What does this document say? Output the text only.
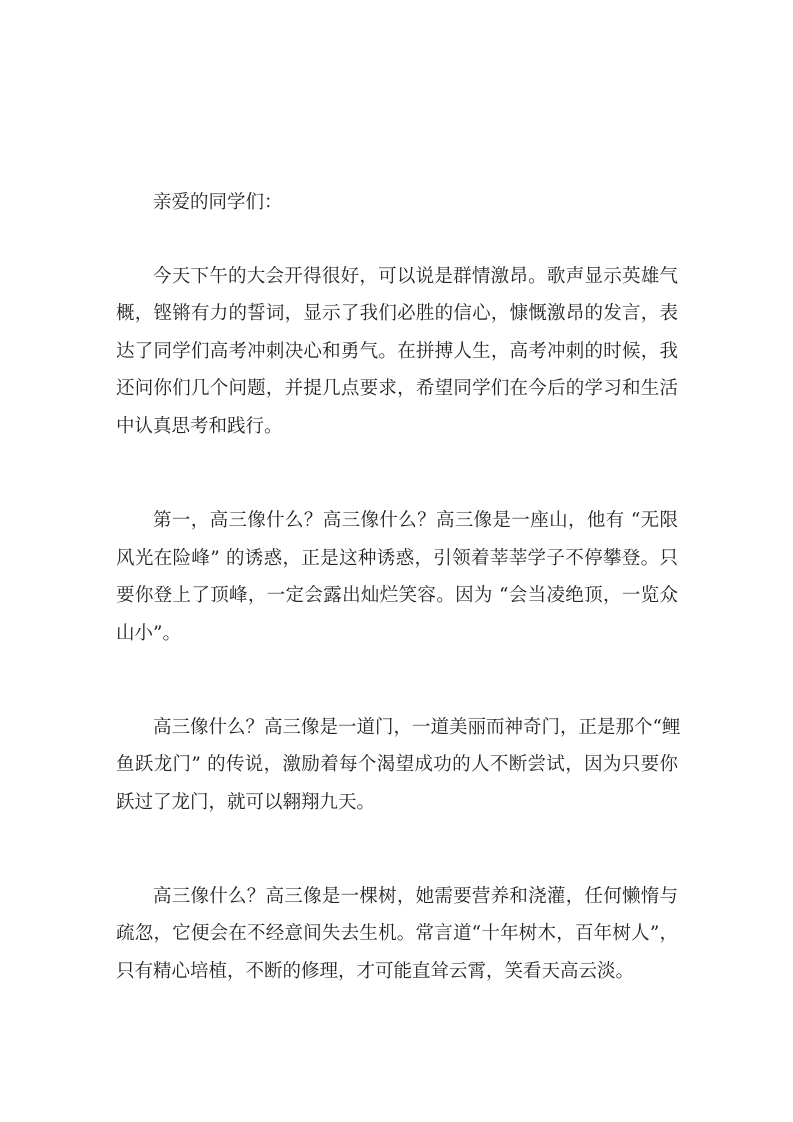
亲爱的同学们：
今天下午的大会开得很好，可以说是群情激昂。歌声显示英雄气
概，铿锵有力的誓词，显示了我们必胜的信心，慷慨激昂的发言，表
达了同学们高考冲刺决心和勇气。在拼搏人生，高考冲刺的时候，我
还问你们几个问题，并提几点要求，希望同学们在今后的学习和生活
中认真思考和践行。
第一，高三像什么？高三像什么？高三像是一座山，他有 “无限
风光在险峰” 的诱惑，正是这种诱惑，引领着莘莘学子不停攀登。只
要你登上了顶峰，一定会露出灿烂笑容。因为 “会当凌绝顶，一览众
山小”。
高三像什么？高三像是一道门，一道美丽而神奇门，正是那个“鲤
鱼跃龙门” 的传说，激励着每个渴望成功的人不断尝试，因为只要你
跃过了龙门，就可以翱翔九天。
高三像什么？高三像是一棵树，她需要营养和浇灌，任何懒惰与
疏忽，它便会在不经意间失去生机。常言道“十年树木，百年树人”，
只有精心培植，不断的修理，才可能直耸云霄，笑看天高云淡。
